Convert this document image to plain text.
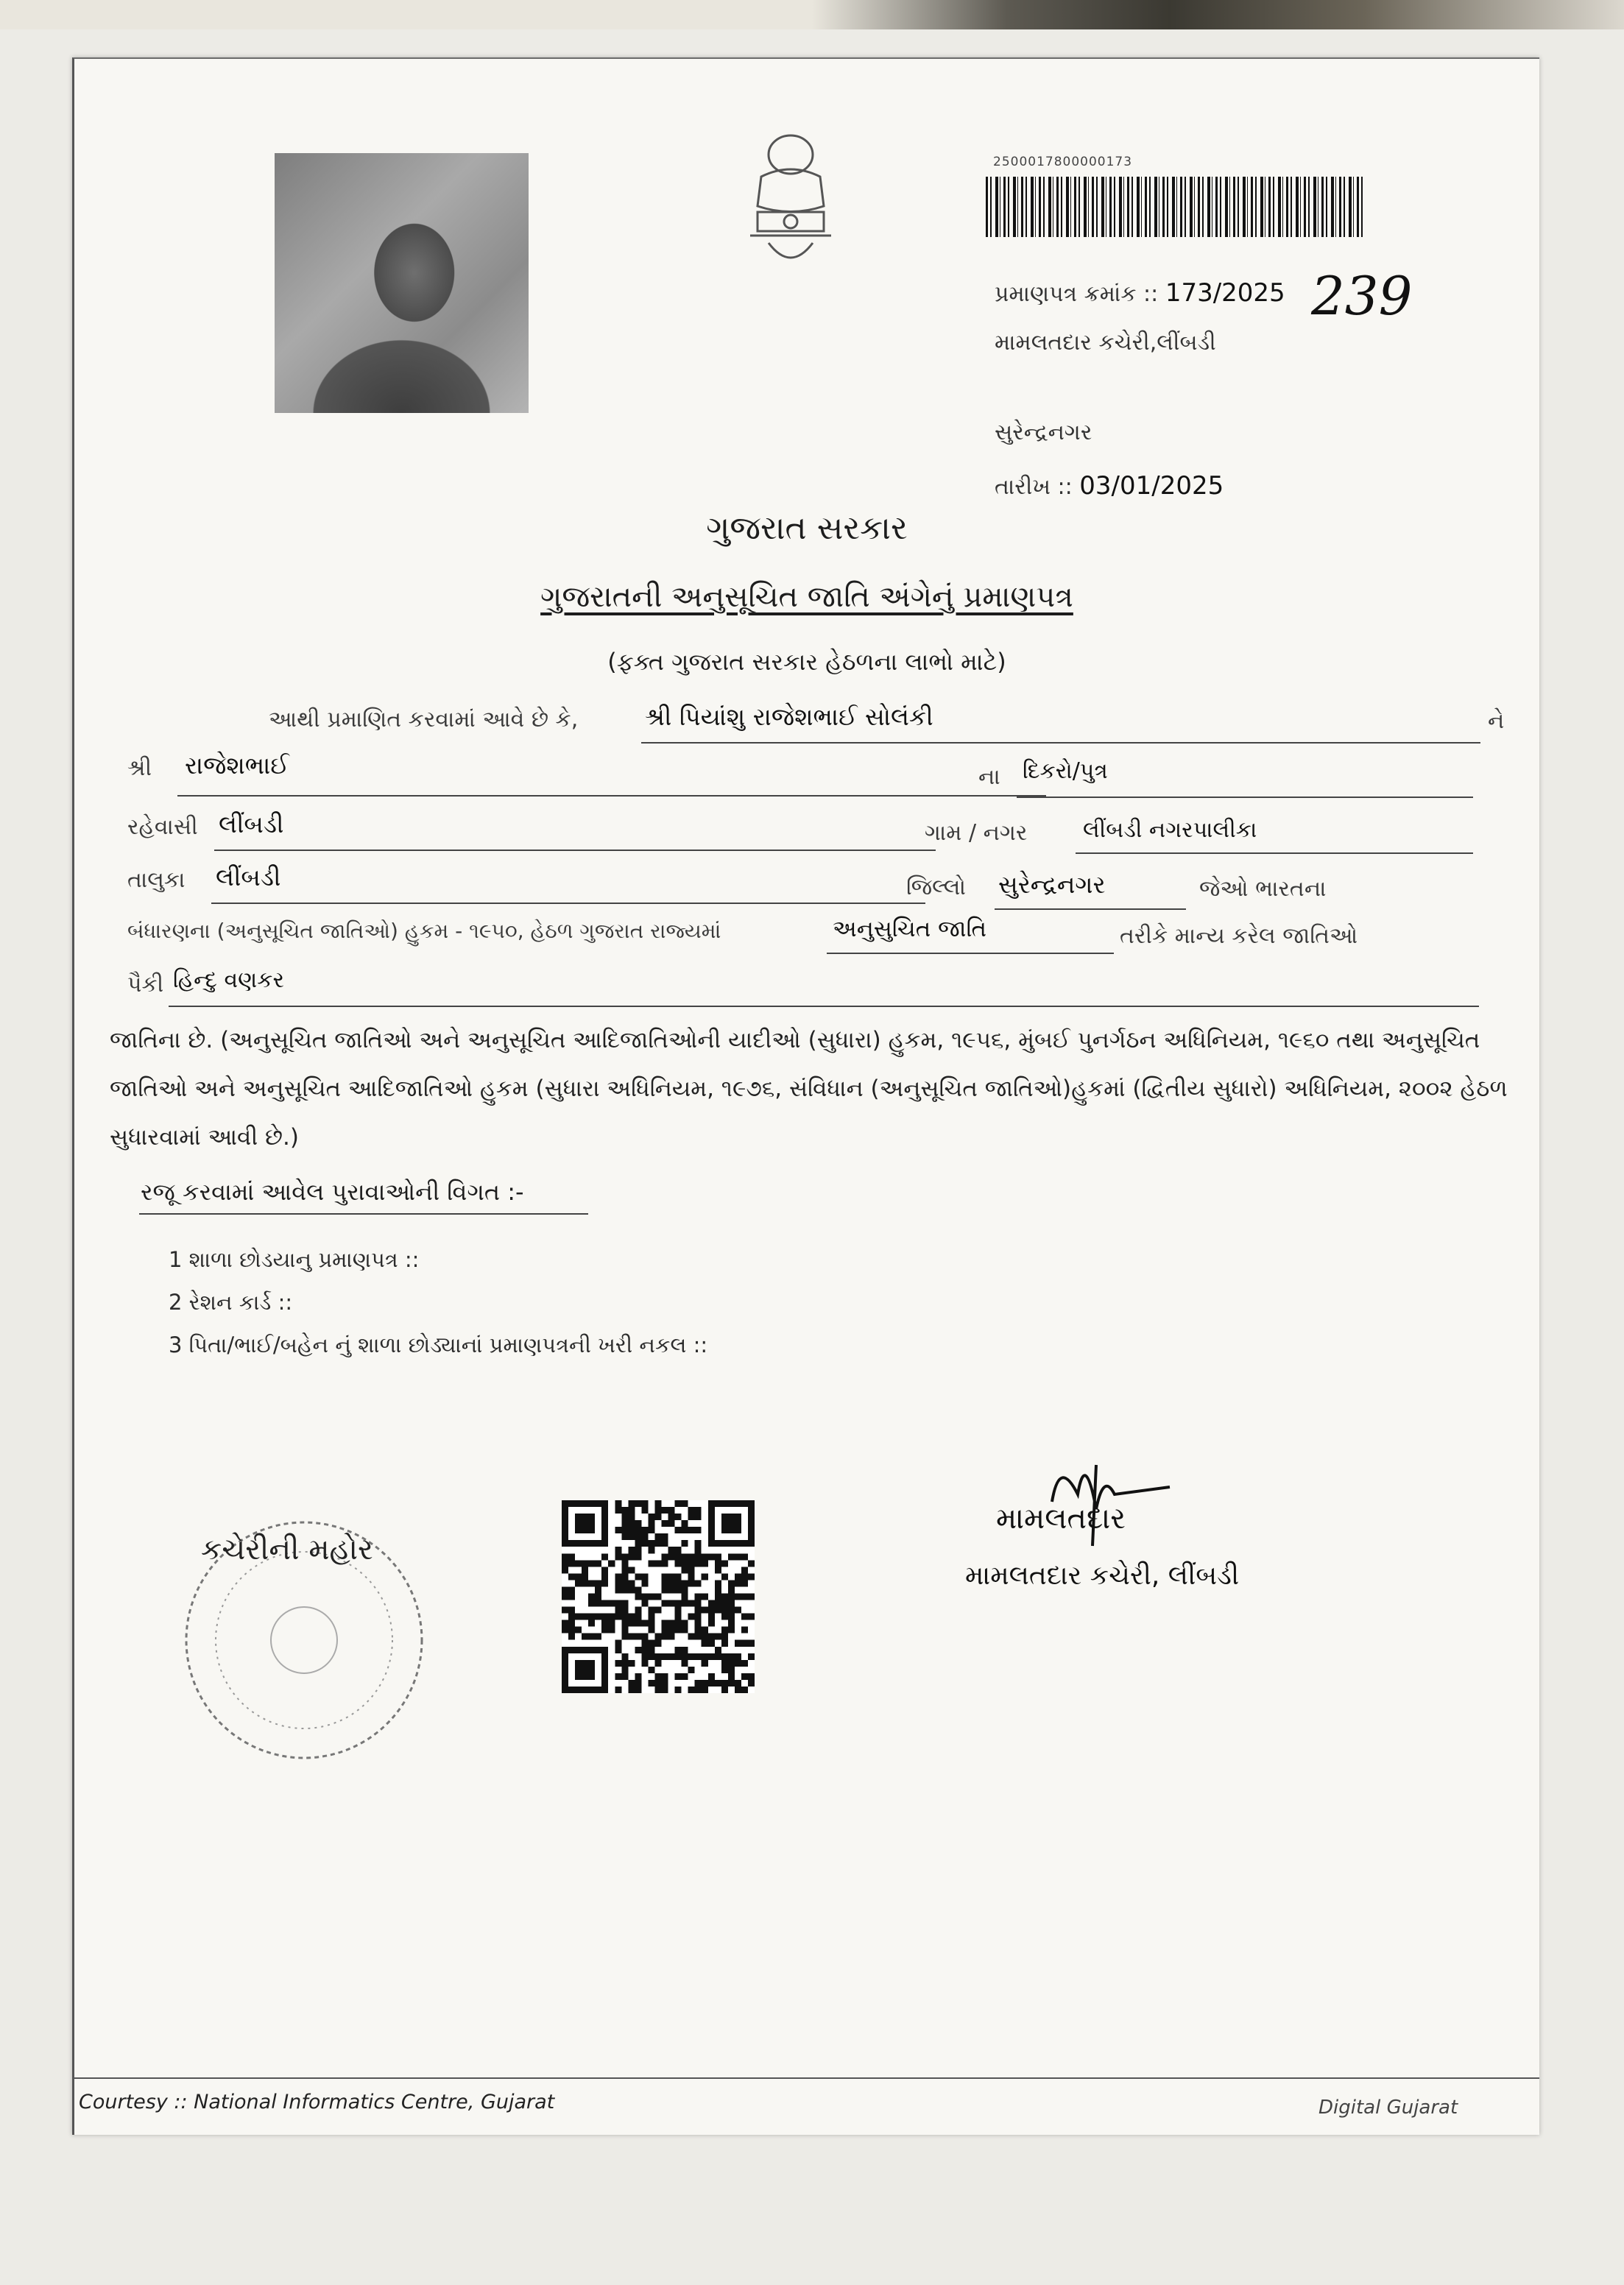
2500017800000173
પ્રમાણપત્ર ક્રમાંક :: 173/2025 239
મામલતદાર કચેરી,લીંબડી
સુરેન્દ્રનગર
તારીખ :: 03/01/2025
ગુજરાત સરકાર
ગુજરાતની અનુસૂચિત જાતિ અંગેનું પ્રમાણપત્ર
(ફક્ત ગુજરાત સરકાર હેઠળના લાભો માટે)
આથી પ્રમાણિત કરવામાં આવે છે કે,	શ્રી પિયાંશુ રાજેશભાઈ સોલંકી	ને
શ્રી રાજેશભાઈ	ના દિકરો/પુત્ર
રહેવાસી લીંબડી	ગામ / નગર	લીંબડી નગરપાલીકા
તાલુકા લીંબડી	જિલ્લો સુરેન્દ્રનગર	જેઓ ભારતના
બંધારણના (અનુસૂચિત જાતિઓ) હુકમ - ૧૯૫૦, હેઠળ ગુજરાત રાજ્યમાં	અનુસુચિત જાતિ	તરીકે માન્ય કરેલ જાતિઓ
પૈકી હિન્દુ વણકર
જાતિના છે. (અનુસૂચિત જાતિઓ અને અનુસૂચિત આદિજાતિઓની યાદીઓ (સુધારા) હુકમ, ૧૯૫૬, મુંબઈ પુનર્ગઠન અધિનિયમ, ૧૯૬૦ તથા અનુસૂચિત જાતિઓ અને અનુસૂચિત આદિજાતિઓ હુકમ (સુધારા અધિનિયમ, ૧૯૭૬, સંવિધાન (અનુસૂચિત જાતિઓ)હુકમાં (દ્વિતીય સુધારો) અધિનિયમ, ૨૦૦૨ હેઠળ સુધારવામાં આવી છે.)
રજૂ કરવામાં આવેલ પુરાવાઓની વિગત :-
1 શાળા છોડયાનુ પ્રમાણપત્ર ::
2 રેશન કાર્ડ ::
3 પિતા/ભાઈ/બહેન નું શાળા છોડ્યાનાં પ્રમાણપત્રની ખરી નકલ ::
કચેરીની મહોર
મામલતદાર
મામલતદાર કચેરી, લીંબડી
Courtesy :: National Informatics Centre, Gujarat	Digital Gujarat
